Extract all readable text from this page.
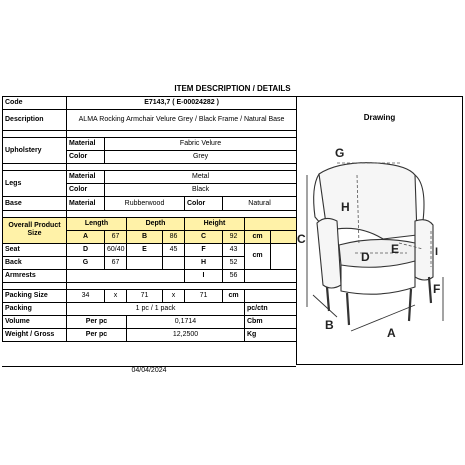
ITEM DESCRIPTION / DETAILS
Code	E7143,7 ( E-00024282 )							
Description	ALMA Rocking Armchair Velure Grey / Black Frame / Natural Base							

Upholstery	Material	Fabric Velure						
	Color	Grey						

Legs	Material	Metal						
	Color	Black						
Base	Material	Rubberwood			Color	Natural		

Overall Product Size	Length		Depth		Height			
	A	67	B	86	C	92	cm	
Seat	D	60/40	E	45	F	43	cm	
Back	G	67			H	52		
Armrests					I	56		

Packing Size	34	x	71	x	71	cm		
Packing	1 pc / 1 pack						pc/ctn	
Volume	Per pc		0,1714				Cbm	
Weight / Gross	Per pc		12,2500				Kg	
04/04/2024
Drawing
G
H
C
E
D	I
F
B
A
